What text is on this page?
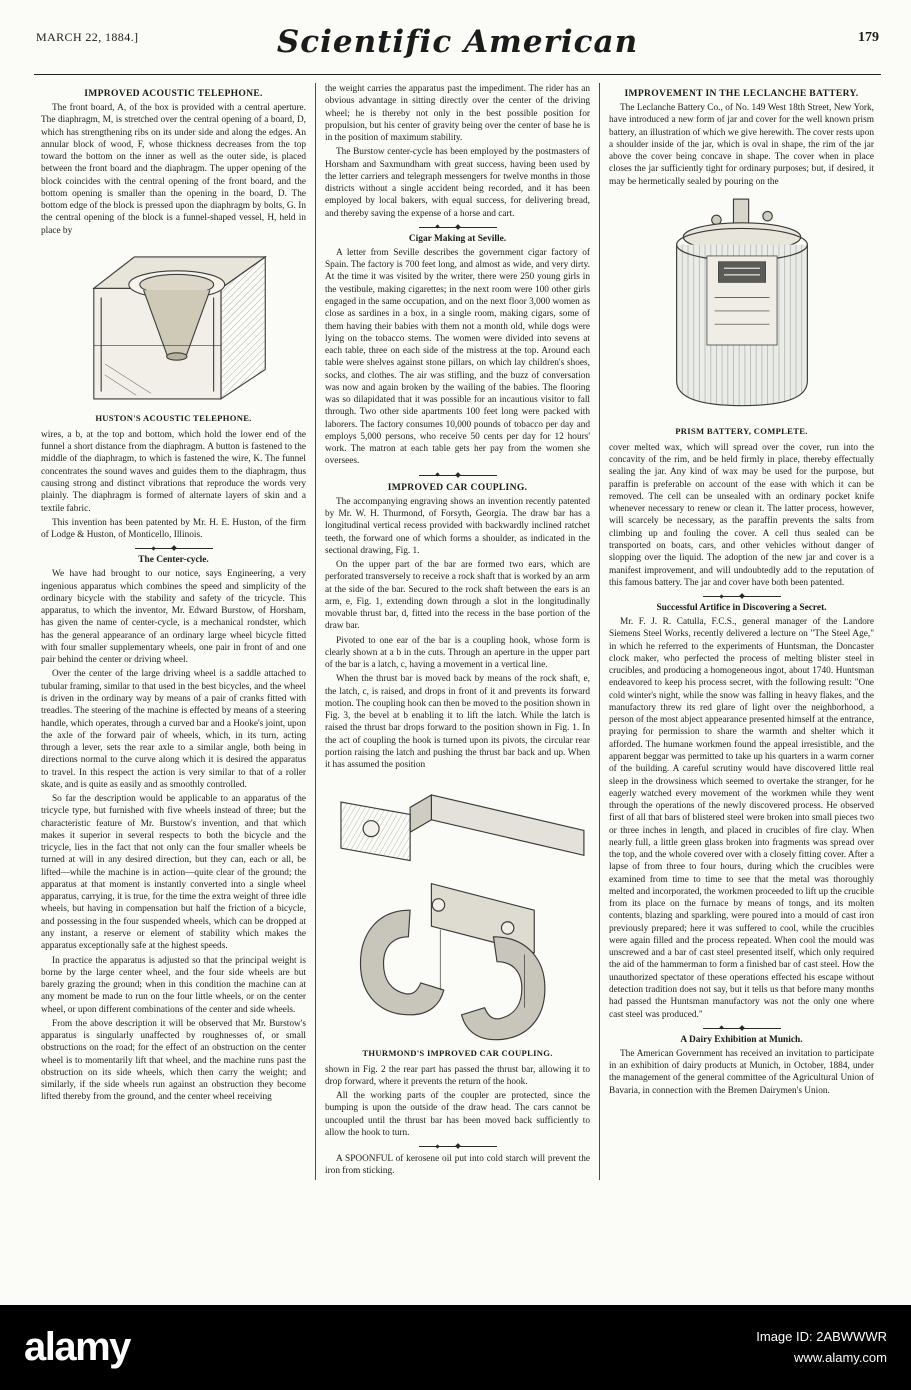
MARCH 22, 1884.]	Scientific American	179
IMPROVED ACOUSTIC TELEPHONE.

The front board, A, of the box is provided with a central aperture. The diaphragm, M, is stretched over the central opening of a board, D, which has strengthening ribs on its under side and along the edges. An annular block of wood, F, whose thickness decreases from the top toward the bottom on the inner as well as the outer side, is placed between the front board and the diaphragm. The upper opening of the block coincides with the central opening of the front board, and the bottom opening is smaller than the opening in the board, D. The bottom edge of the block is pressed upon the diaphragm by bolts, G. In the central opening of the block is a funnel-shaped vessel, H, held in place by

HUSTON'S ACOUSTIC TELEPHONE.

wires, a b, at the top and bottom, which hold the lower end of the funnel a short distance from the diaphragm. A button is fastened to the middle of the diaphragm, to which is fastened the wire, K. The funnel concentrates the sound waves and guides them to the diaphragm, thus causing strong and distinct vibrations that reproduce the words very plainly. The diaphragm is formed of alternate layers of skin and a textile fabric.

This invention has been patented by Mr. H. E. Huston, of the firm of Lodge & Huston, of Monticello, Illinois.

The Center-cycle.

We have had brought to our notice, says Engineering, a very ingenious apparatus which combines the speed and simplicity of the ordinary bicycle with the stability and safety of the tricycle. This apparatus, to which the inventor, Mr. Edward Burstow, of Horsham, has given the name of center-cycle, is a mechanical rondster, which has the general appearance of an ordinary large wheel bicycle fitted with four smaller supplementary wheels, one pair in front of and one pair behind the center or driving wheel.

Over the center of the large driving wheel is a saddle attached to tubular framing, similar to that used in the best bicycles, and the wheel is driven in the ordinary way by means of a pair of cranks fitted with treadles. The steering of the machine is effected by means of a steering handle, which operates, through a curved bar and a Hooke's joint, upon the axle of the forward pair of wheels, which, in its turn, acting through a lever, sets the rear axle to a similar angle, both being in directions normal to the curve along which it is desired the apparatus to travel. In this respect the action is very similar to that of a roller skate, and is quite as easily and as smoothly controlled.

So far the description would be applicable to an apparatus of the tricycle type, but furnished with five wheels instead of three; but the characteristic feature of Mr. Burstow's invention, and that which makes it superior in several respects to both the bicycle and the tricycle, lies in the fact that not only can the four smaller wheels be turned at will in any desired direction, but they can, each or all, be lifted—while the machine is in action—quite clear of the ground; the apparatus at that moment is instantly converted into a single wheel apparatus, carrying, it is true, for the time the extra weight of three idle wheels, but having in compensation but half the friction of a bicycle, and possessing in the four suspended wheels, which can be dropped at any instant, a reserve or element of stability which makes the apparatus exceptionally safe at the highest speeds.

In practice the apparatus is adjusted so that the principal weight is borne by the large center wheel, and the four side wheels are but barely grazing the ground; when in this condition the machine can at any moment be made to run on the four little wheels, or on the center wheel, or upon different combinations of the center and side wheels.

From the above description it will be observed that Mr. Burstow's apparatus is singularly unaffected by roughnesses of, or small obstructions on the road; for the effect of an obstruction on the center wheel is to momentarily lift that wheel, and the machine runs past the obstruction on its side wheels, which then carry the weight; and similarly, if the side wheels run against an obstruction they become lifted thereby from the ground, and the center wheel receiving

the weight carries the apparatus past the impediment. The rider has an obvious advantage in sitting directly over the center of the driving wheel; he is thereby not only in the best possible position for propulsion, but his center of gravity being over the center of base he is in the position of maximum stability.

The Burstow center-cycle has been employed by the postmasters of Horsham and Saxmundham with great success, having been used by the letter carriers and telegraph messengers for twelve months in those districts without a single accident being recorded, and it has been employed by local bakers, with equal success, for delivering bread, and thereby saving the expense of a horse and cart.

Cigar Making at Seville.

A letter from Seville describes the government cigar factory of Spain. The factory is 700 feet long, and almost as wide, and very dirty. At the time it was visited by the writer, there were 250 young girls in the vestibule, making cigarettes; in the next room were 100 other girls engaged in the same occupation, and on the next floor 3,000 women as close as sardines in a box, in a single room, making cigars, some of them having their babies with them not a month old, while dogs were lying on the tobacco stems. The women were divided into sevens at each table, three on each side of the mistress at the top. Around each table were shelves against stone pillars, on which lay children's shoes, socks, and clothes. The air was stifling, and the buzz of conversation was now and again broken by the wailing of the babies. The flooring was so dilapidated that it was possible for an incautious visitor to fall through. Two other side apartments 100 feet long were packed with laborers. The factory consumes 10,000 pounds of tobacco per day and employs 5,000 persons, who receive 50 cents per day for 12 hours' work. The matron at each table gets her pay from the women she oversees.

IMPROVED CAR COUPLING.

The accompanying engraving shows an invention recently patented by Mr. W. H. Thurmond, of Forsyth, Georgia. The draw bar has a longitudinal vertical recess provided with backwardly inclined ratchet teeth, the forward one of which forms a shoulder, as indicated in the sectional drawing, Fig. 1.

On the upper part of the bar are formed two ears, which are perforated transversely to receive a rock shaft that is worked by an arm at the side of the bar. Secured to the rock shaft between the ears is an arm, e, Fig. 1, extending down through a slot in the longitudinally movable thrust bar, d, fitted into the recess in the base portion of the draw bar.

Pivoted to one ear of the bar is a coupling hook, whose form is clearly shown at a b in the cuts. Through an aperture in the upper part of the bar is a latch, c, having a movement in a vertical line.

When the thrust bar is moved back by means of the rock shaft, e, the latch, c, is raised, and drops in front of it and prevents its forward motion. The coupling hook can then be moved to the position shown in Fig. 3, the bevel at b enabling it to lift the latch. While the latch is raised the thrust bar drops forward to the position shown in Fig. 1. In the act of coupling the hook is turned upon its pivots, the circular rear portion raising the latch and pushing the thrust bar back and up. When it has assumed the position

THURMOND'S IMPROVED CAR COUPLING.

shown in Fig. 2 the rear part has passed the thrust bar, allowing it to drop forward, where it prevents the return of the hook.

All the working parts of the coupler are protected, since the bumping is upon the outside of the draw head. The cars cannot be uncoupled until the thrust bar has been moved back sufficiently to allow the hook to turn.

A SPOONFUL of kerosene oil put into cold starch will prevent the iron from sticking.

IMPROVEMENT IN THE LECLANCHE BATTERY.

The Leclanche Battery Co., of No. 149 West 18th Street, New York, have introduced a new form of jar and cover for the well known prism battery, an illustration of which we give herewith. The cover rests upon a shoulder inside of the jar, which is oval in shape, the rim of the jar above the cover being concave in shape. The cover when in place closes the jar sufficiently tight for ordinary purposes; but, if desired, it may be hermetically sealed by pouring on the

PRISM BATTERY, COMPLETE.

cover melted wax, which will spread over the cover, run into the concavity of the rim, and be held firmly in place, thereby effectually sealing the jar. Any kind of wax may be used for the purpose, but paraffin is preferable on account of the ease with which it can be removed. The cell can be unsealed with an ordinary pocket knife whenever necessary to renew or clean it. The latter process, however, will scarcely be necessary, as the paraffin prevents the salts from climbing up and fouling the cover. A cell thus sealed can be transported on boats, cars, and other vehicles without danger of slopping over the liquid. The adoption of the new jar and cover is a manifest improvement, and will undoubtedly add to the reputation of this famous battery. The jar and cover have both been patented.

Successful Artifice in Discovering a Secret.

Mr. F. J. R. Catulla, F.C.S., general manager of the Landore Siemens Steel Works, recently delivered a lecture on "The Steel Age," in which he referred to the experiments of Huntsman, the Doncaster clock maker, who perfected the process of melting blister steel in crucibles, and producing a homogeneous ingot, about 1740. Huntsman endeavored to keep his process secret, with the following result: "One cold winter's night, while the snow was falling in heavy flakes, and the manufactory threw its red glare of light over the neighborhood, a person of the most abject appearance presented himself at the entrance, praying for permission to share the warmth and shelter which it afforded. The humane workmen found the appeal irresistible, and the apparent beggar was permitted to take up his quarters in a warm corner of the building. A careful scrutiny would have discovered little real sleep in the drowsiness which seemed to overtake the stranger, for he eagerly watched every movement of the workmen while they went through the operations of the newly discovered process. He observed first of all that bars of blistered steel were broken into small pieces two or three inches in length, and placed in crucibles of fire clay. When nearly full, a little green glass broken into fragments was spread over the top, and the whole covered over with a closely fitting cover. After a lapse of from three to four hours, during which the crucibles were examined from time to time to see that the metal was thoroughly melted and incorporated, the workmen proceeded to lift up the crucible from its place on the furnace by means of tongs, and its molten contents, blazing and sparkling, were poured into a mould of cast iron previously prepared; here it was suffered to cool, while the crucibles were again filled and the process repeated. When cool the mould was unscrewed and a bar of cast steel presented itself, which only required the aid of the hammerman to form a finished bar of cast steel. How the unauthorized spectator of these operations effected his escape without detection tradition does not say, but it tells us that before many months had passed the Huntsman manufactory was not the only one where cast steel was produced."

A Dairy Exhibition at Munich.

The American Government has received an invitation to participate in an exhibition of dairy products at Munich, in October, 1884, under the management of the general committee of the Agricultural Union of Bavaria, in connection with the Bremen Dairymen's Union.

alamy	Image ID: 2ABWWWR
www.alamy.com
